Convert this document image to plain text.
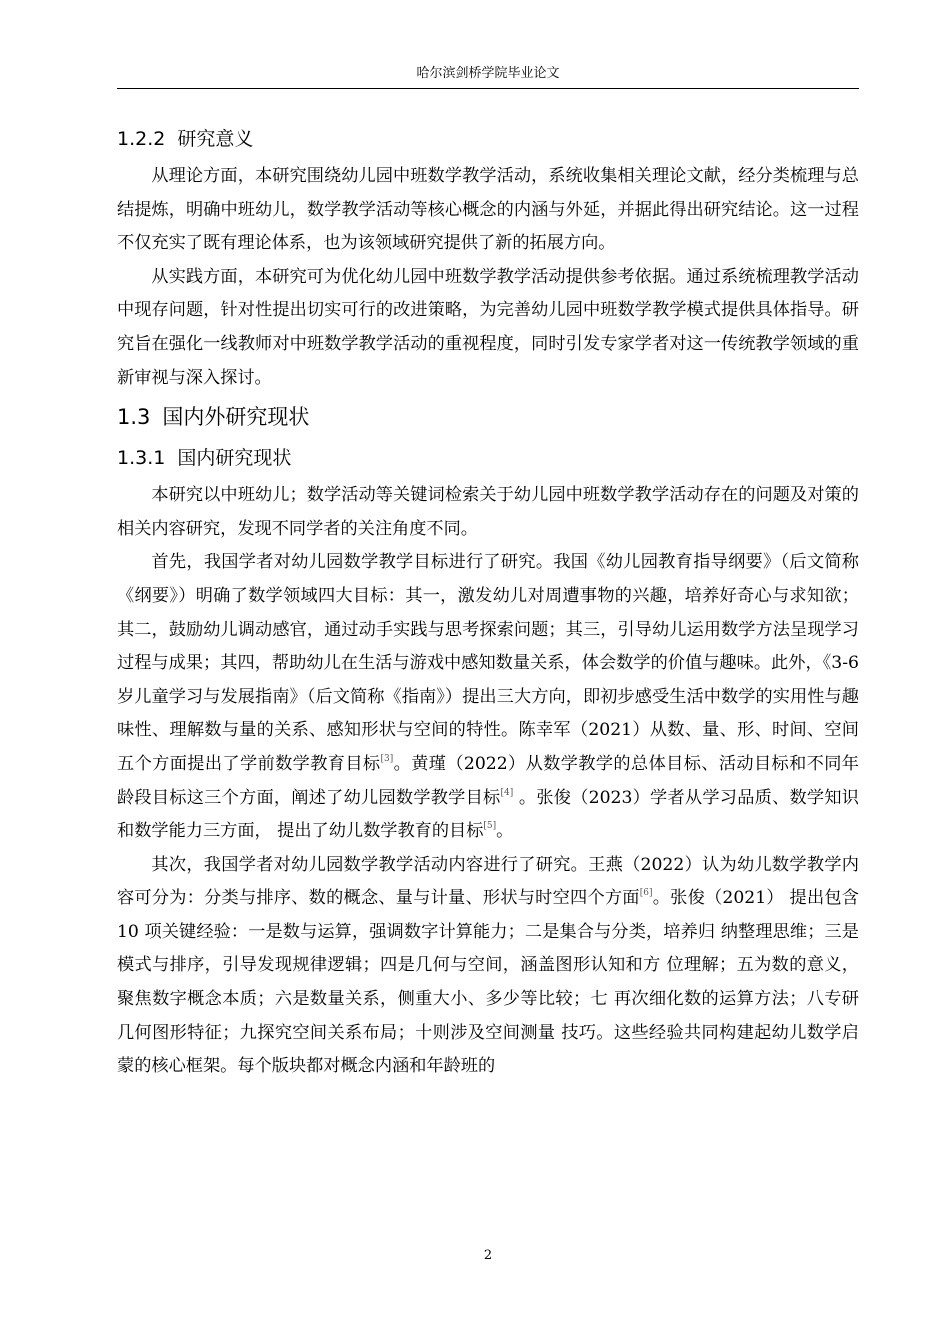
哈尔滨剑桥学院毕业论文
1.2.2 研究意义

从理论方面，本研究围绕幼儿园中班数学教学活动，系统收集相关理论文献，经分类梳理与总结提炼，明确中班幼儿，数学教学活动等核心概念的内涵与外延，并据此得出研究结论。这一过程不仅充实了既有理论体系，也为该领域研究提供了新的拓展方向。

从实践方面，本研究可为优化幼儿园中班数学教学活动提供参考依据。通过系统梳理教学活动中现存问题，针对性提出切实可行的改进策略，为完善幼儿园中班数学教学模式提供具体指导。研究旨在强化一线教师对中班数学教学活动的重视程度，同时引发专家学者对这一传统教学领域的重新审视与深入探讨。

1.3 国内外研究现状
1.3.1 国内研究现状

本研究以中班幼儿；数学活动等关键词检索关于幼儿园中班数学教学活动存在的问题及对策的相关内容研究，发现不同学者的关注角度不同。

首先，我国学者对幼儿园数学教学目标进行了研究。我国《幼儿园教育指导纲要》（后文简称《纲要》）明确了数学领域四大目标：其一，激发幼儿对周遭事物的兴趣，培养好奇心与求知欲；其二，鼓励幼儿调动感官，通过动手实践与思考探索问题；其三，引导幼儿运用数学方法呈现学习过程与成果；其四，帮助幼儿在生活与游戏中感知数量关系，体会数学的价值与趣味。此外，《3-6 岁儿童学习与发展指南》（后文简称《指南》）提出三大方向，即初步感受生活中数学的实用性与趣味性、理解数与量的关系、感知形状与空间的特性。陈幸军（2021）从数、量、形、时间、空间五个方面提出了学前数学教育目标[3]。黄瑾（2022）从数学教学的总体目标、活动目标和不同年龄段目标这三个方面，阐述了幼儿园数学教学目标[4] 。张俊（2023）学者从学习品质、数学知识和数学能力三方面， 提出了幼儿数学教育的目标[5]。

其次，我国学者对幼儿园数学教学活动内容进行了研究。王燕（2022）认为幼儿数学教学内容可分为：分类与排序、数的概念、量与计量、形状与时空四个方面[6]。张俊（2021） 提出包含 10 项关键经验：一是数与运算，强调数字计算能力；二是集合与分类，培养归 纳整理思维；三是模式与排序，引导发现规律逻辑；四是几何与空间，涵盖图形认知和方 位理解；五为数的意义，聚焦数字概念本质；六是数量关系，侧重大小、多少等比较；七 再次细化数的运算方法；八专研几何图形特征；九探究空间关系布局；十则涉及空间测量 技巧。这些经验共同构建起幼儿数学启蒙的核心框架。每个版块都对概念内涵和年龄班的

2
